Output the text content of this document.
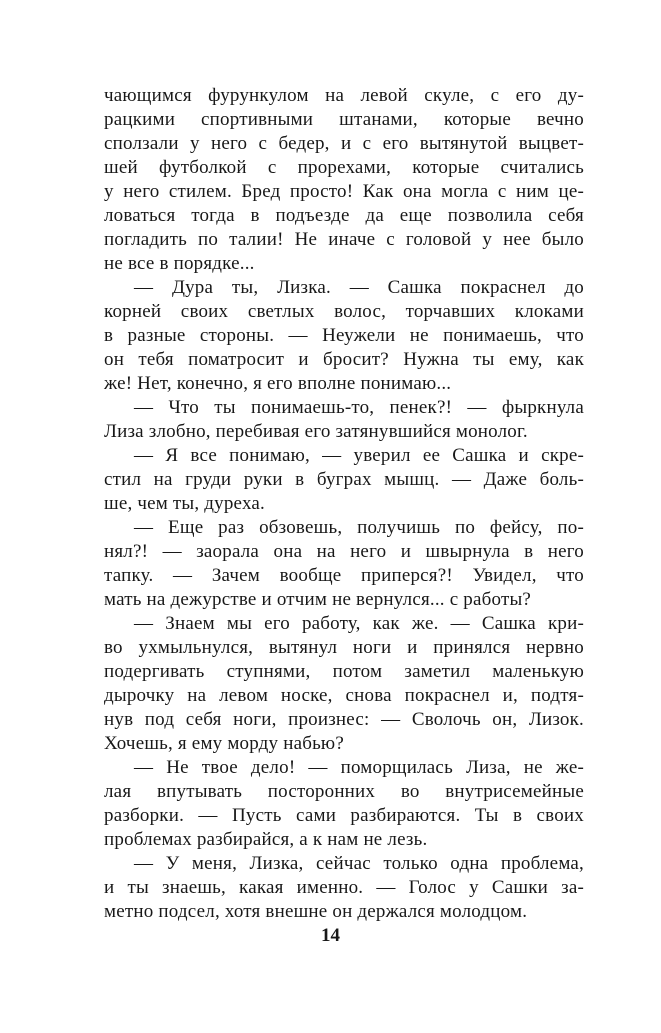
чающимся фурункулом на левой скуле, с его ду-
рацкими спортивными штанами, которые вечно
сползали у него с бедер, и с его вытянутой выцвет-
шей футболкой с прорехами, которые считались
у него стилем. Бред просто! Как она могла с ним це-
ловаться тогда в подъезде да еще позволила себя
погладить по талии! Не иначе с головой у нее было
не все в порядке...
— Дура ты, Лизка. — Сашка покраснел до
корней своих светлых волос, торчавших клоками
в разные стороны. — Неужели не понимаешь, что
он тебя поматросит и бросит? Нужна ты ему, как
же! Нет, конечно, я его вполне понимаю...
— Что ты понимаешь-то, пенек?! — фыркнула
Лиза злобно, перебивая его затянувшийся монолог.
— Я все понимаю, — уверил ее Сашка и скре-
стил на груди руки в буграх мышц. — Даже боль-
ше, чем ты, дуреха.
— Еще раз обзовешь, получишь по фейсу, по-
нял?! — заорала она на него и швырнула в него
тапку. — Зачем вообще приперся?! Увидел, что
мать на дежурстве и отчим не вернулся... с работы?
— Знаем мы его работу, как же. — Сашка кри-
во ухмыльнулся, вытянул ноги и принялся нервно
подергивать ступнями, потом заметил маленькую
дырочку на левом носке, снова покраснел и, подтя-
нув под себя ноги, произнес: — Сволочь он, Лизок.
Хочешь, я ему морду набью?
— Не твое дело! — поморщилась Лиза, не же-
лая впутывать посторонних во внутрисемейные
разборки. — Пусть сами разбираются. Ты в своих
проблемах разбирайся, а к нам не лезь.
— У меня, Лизка, сейчас только одна проблема,
и ты знаешь, какая именно. — Голос у Сашки за-
метно подсел, хотя внешне он держался молодцом.
14
